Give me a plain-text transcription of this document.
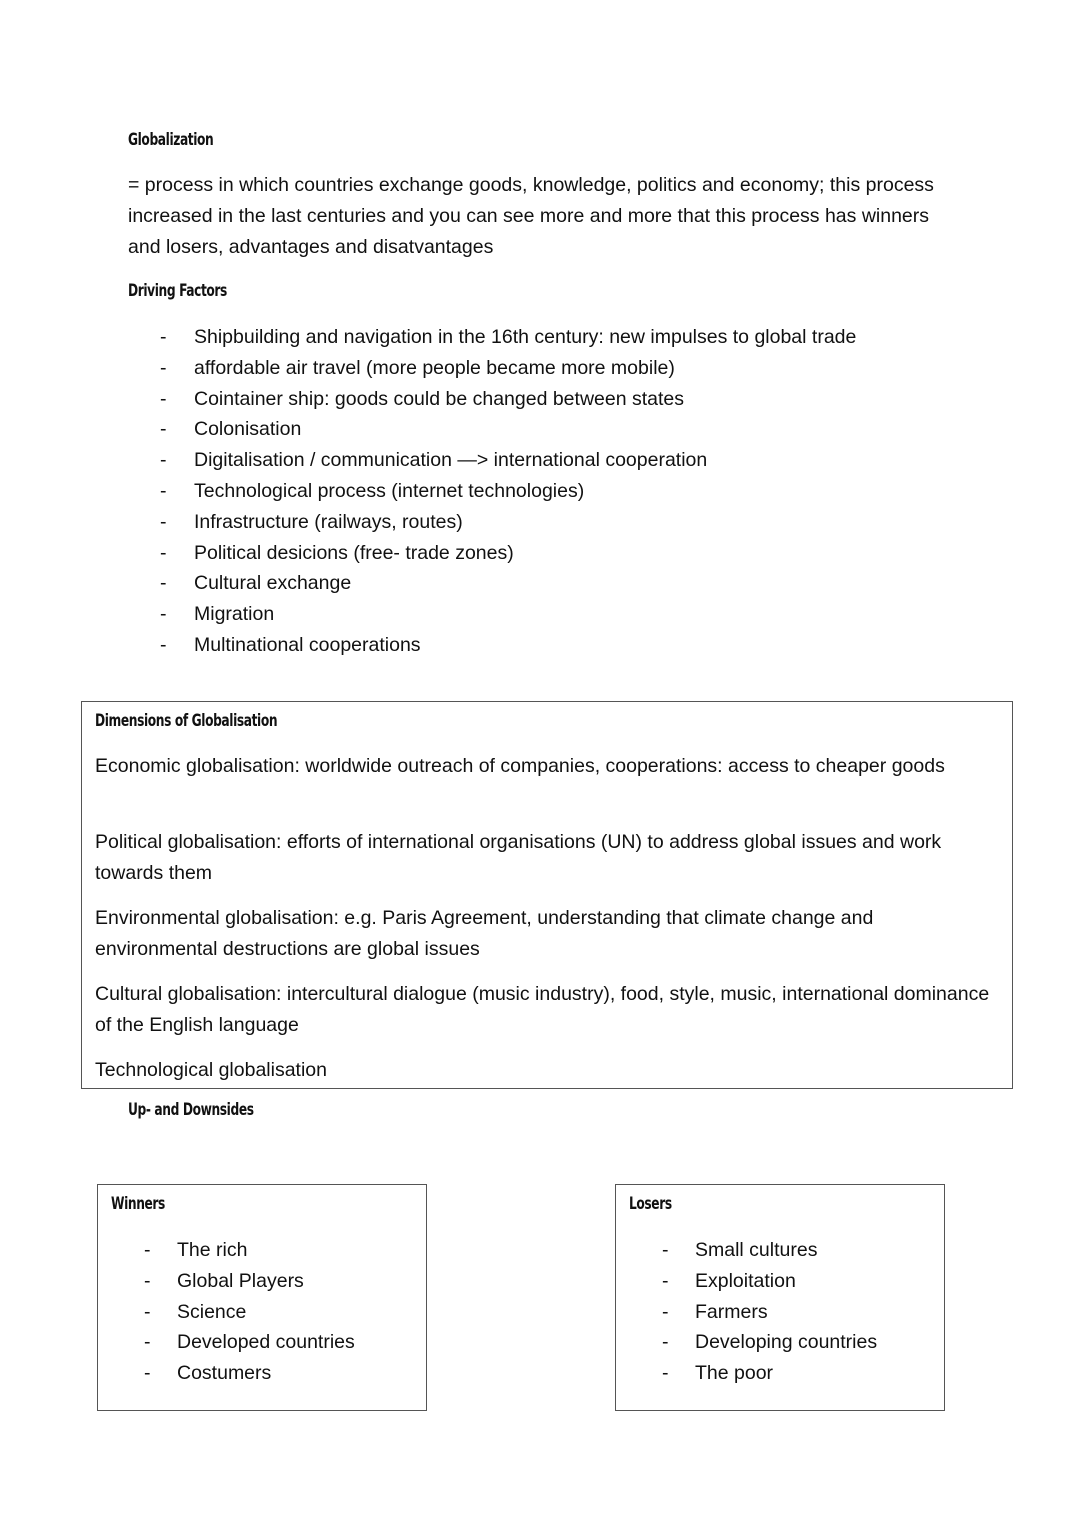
Globalization
= process in which countries exchange goods, knowledge, politics and economy; this process increased in the last centuries and you can see more and more that this process has winners and losers, advantages and disatvantages
Driving Factors
- Shipbuilding and navigation in the 16th century: new impulses to global trade
- affordable air travel (more people became more mobile)
- Cointainer ship: goods could be changed between states
- Colonisation
- Digitalisation / communication —> international cooperation
- Technological process (internet technologies)
- Infrastructure (railways, routes)
- Political desicions (free- trade zones)
- Cultural exchange
- Migration
- Multinational cooperations
Dimensions of Globalisation
Economic globalisation: worldwide outreach of companies, cooperations: access to cheaper goods
Political globalisation: efforts of international organisations (UN) to address global issues and work towards them
Environmental globalisation: e.g. Paris Agreement, understanding that climate change and environmental destructions are global issues
Cultural globalisation: intercultural dialogue (music industry), food, style, music, international dominance of the English language
Technological globalisation
Up- and Downsides
Winners
- The rich
- Global Players
- Science
- Developed countries
- Costumers
Losers
- Small cultures
- Exploitation
- Farmers
- Developing countries
- The poor
